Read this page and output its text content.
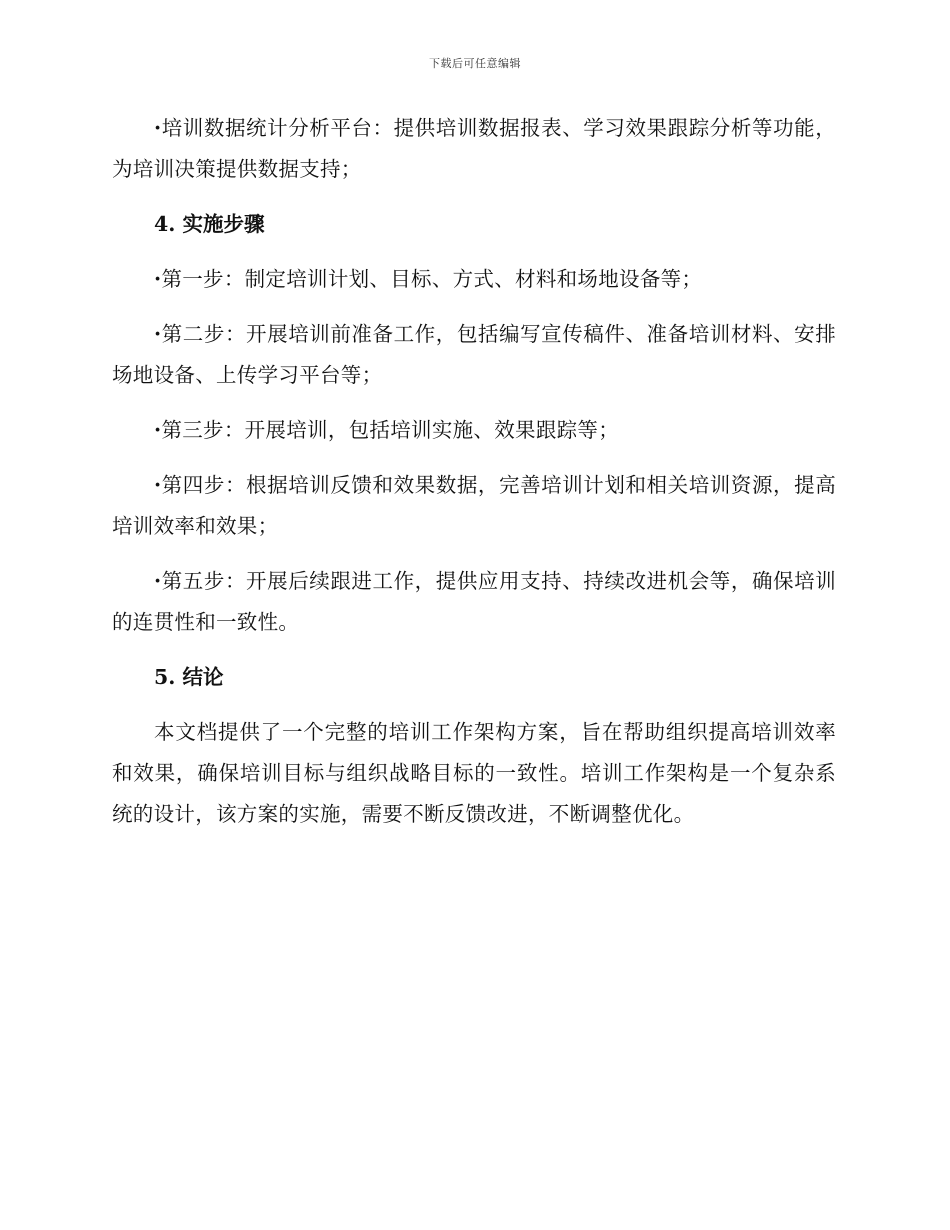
下载后可任意编辑

·培训数据统计分析平台：提供培训数据报表、学习效果跟踪分析等功能，为培训决策提供数据支持；

4. 实施步骤

·第一步：制定培训计划、目标、方式、材料和场地设备等；

·第二步：开展培训前准备工作，包括编写宣传稿件、准备培训材料、安排场地设备、上传学习平台等；

·第三步：开展培训，包括培训实施、效果跟踪等；

·第四步：根据培训反馈和效果数据，完善培训计划和相关培训资源，提高培训效率和效果；

·第五步：开展后续跟进工作，提供应用支持、持续改进机会等，确保培训的连贯性和一致性。

5. 结论

本文档提供了一个完整的培训工作架构方案，旨在帮助组织提高培训效率和效果，确保培训目标与组织战略目标的一致性。培训工作架构是一个复杂系统的设计，该方案的实施，需要不断反馈改进，不断调整优化。
